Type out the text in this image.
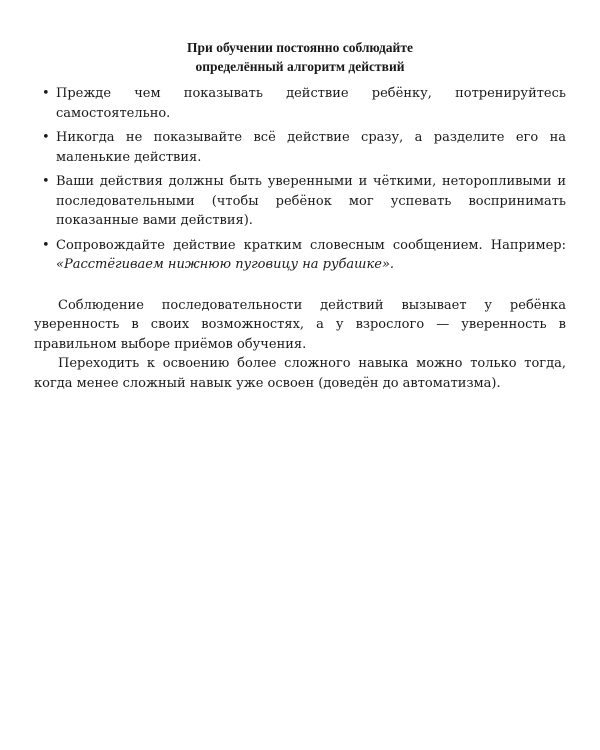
При обучении постоянно соблюдайте
определённый алгоритм действий
• Прежде чем показывать действие ребёнку, потренируйтесь самостоятельно.
• Никогда не показывайте всё действие сразу, а разделите его на маленькие действия.
• Ваши действия должны быть уверенными и чёткими, неторопливыми и последовательными (чтобы ребёнок мог успевать воспринимать показанные вами действия).
• Сопровождайте действие кратким словесным сообщением. Например: «Расстёгиваем нижнюю пуговицу на рубашке».

Соблюдение последовательности действий вызывает у ребёнка уверенность в своих возможностях, а у взрослого — уверенность в правильном выборе приёмов обучения.

Переходить к освоению более сложного навыка можно только тогда, когда менее сложный навык уже освоен (доведён до автоматизма).
